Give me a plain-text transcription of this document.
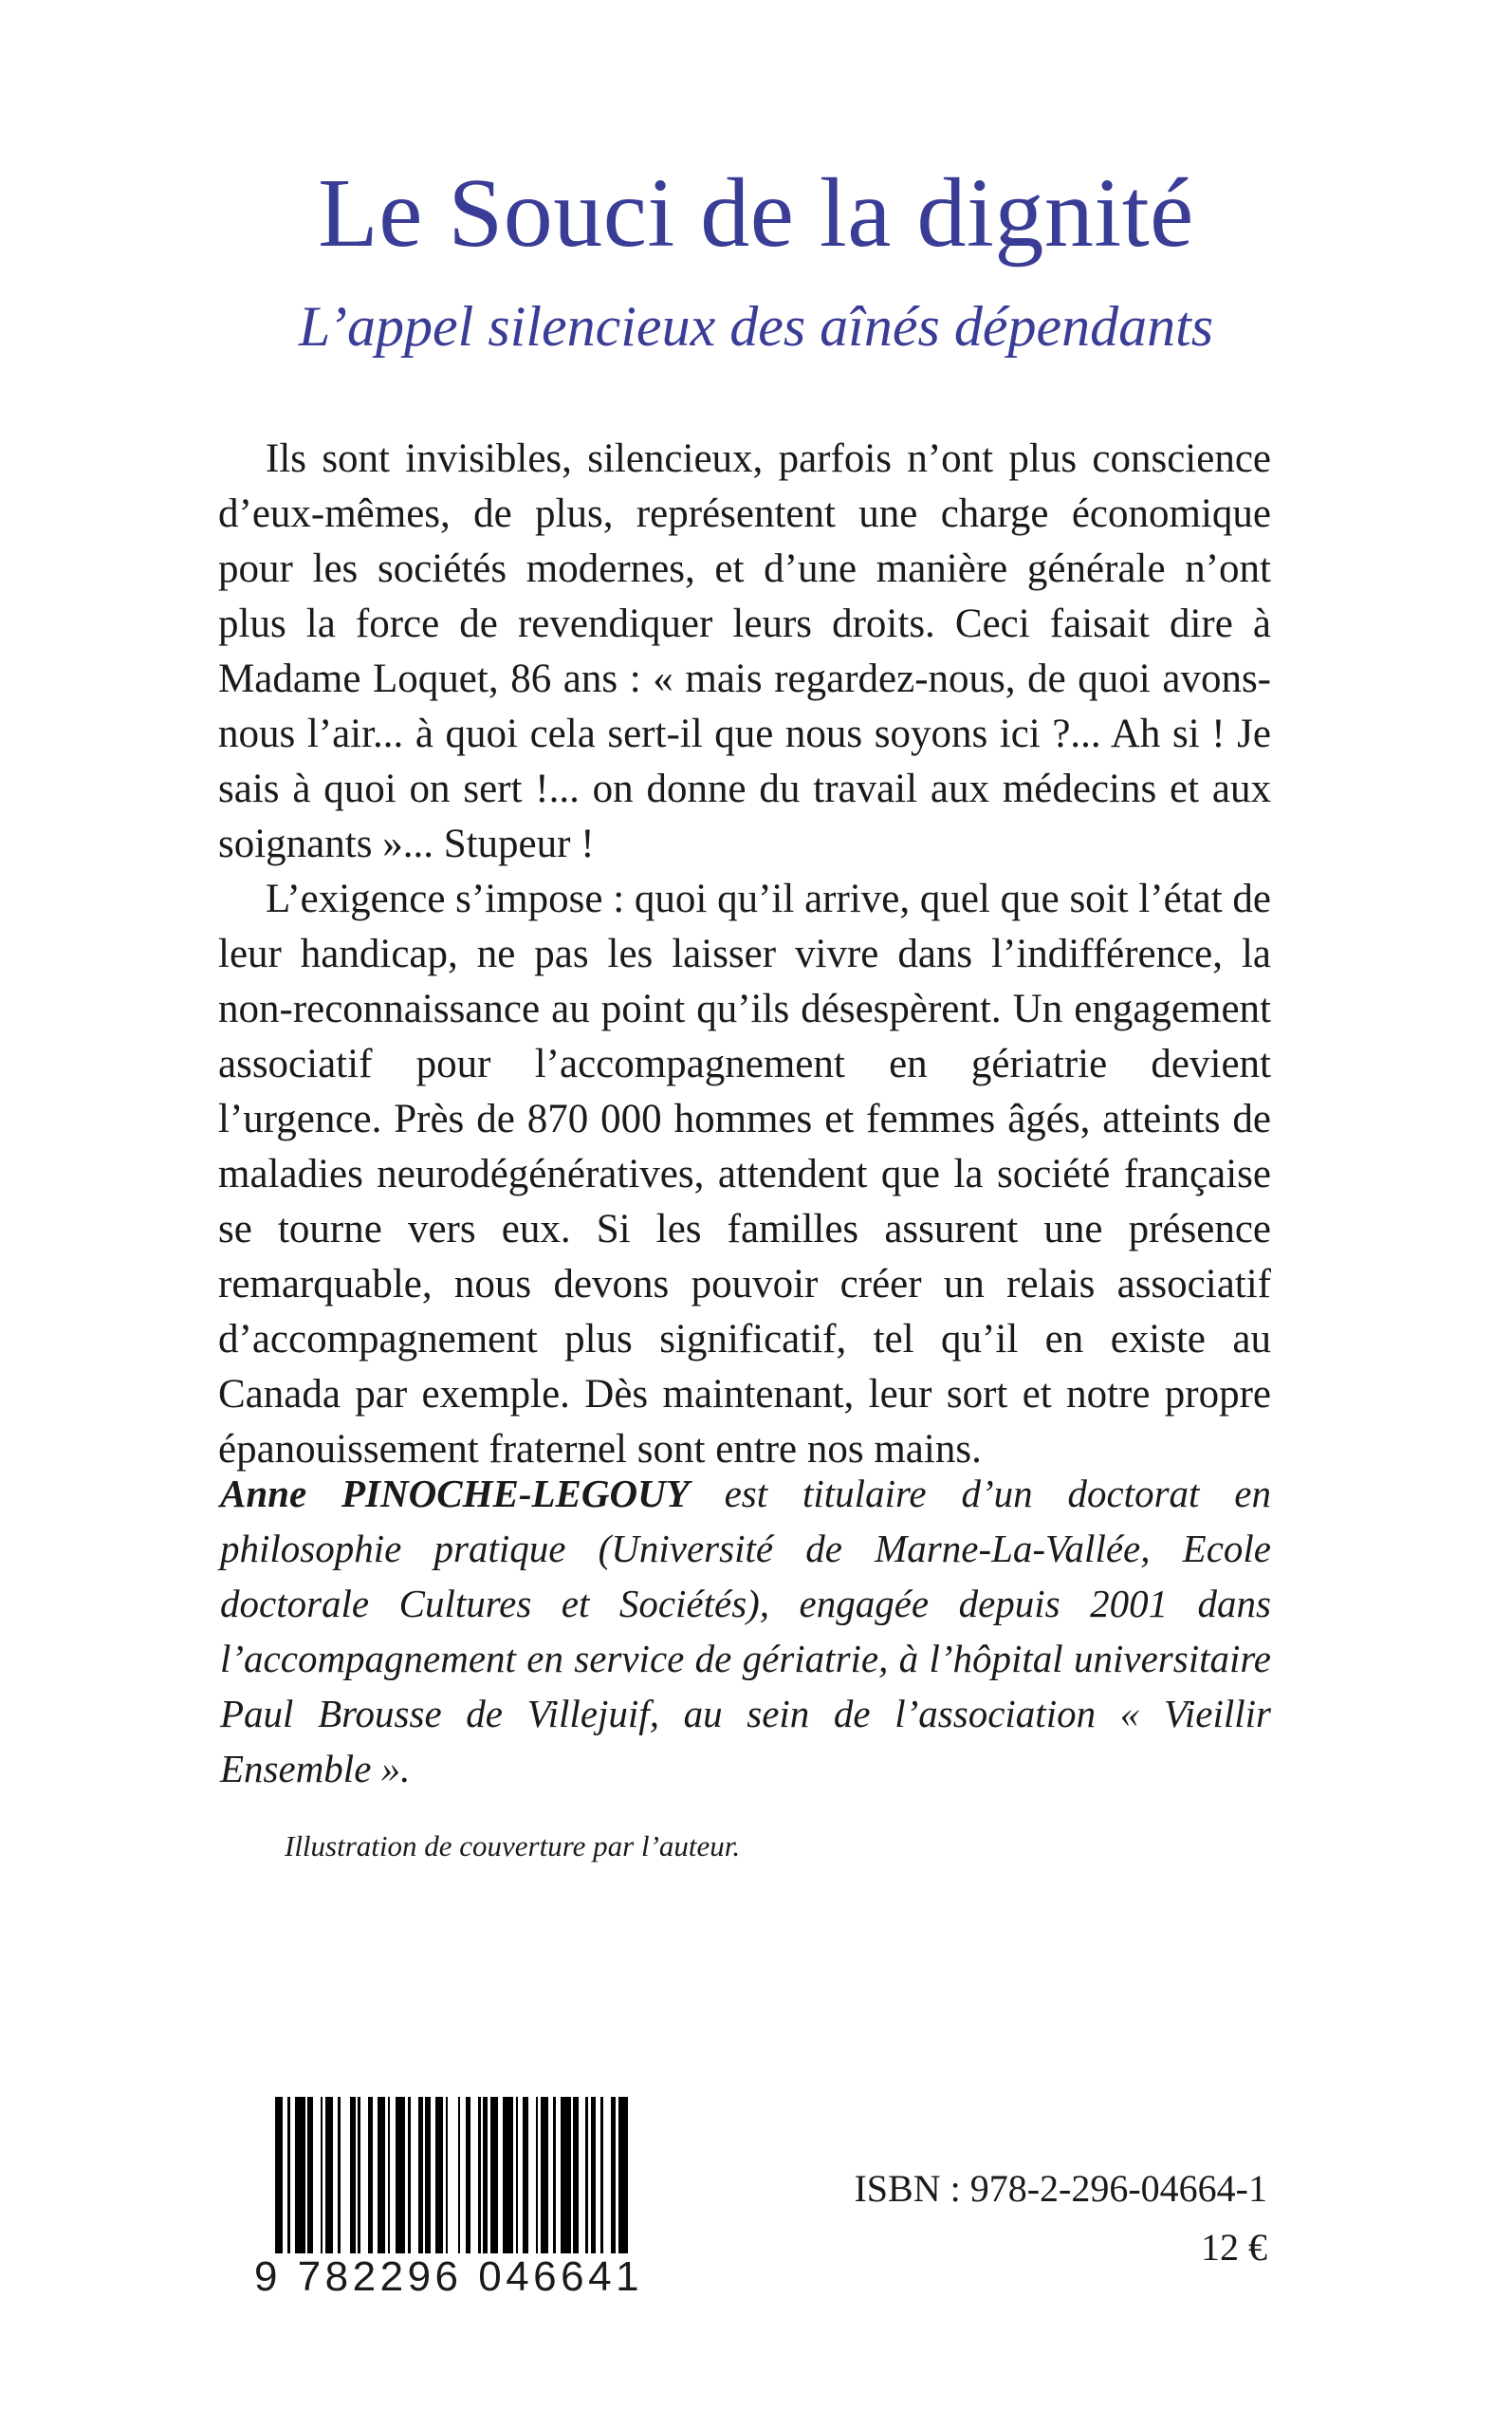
Le Souci de la dignité
L’appel silencieux des aînés dépendants

Ils sont invisibles, silencieux, parfois n’ont plus conscience d’eux-mêmes, de plus, représentent une charge économique pour les sociétés modernes, et d’une manière générale n’ont plus la force de revendiquer leurs droits. Ceci faisait dire à Madame Loquet, 86 ans : « mais regardez-nous, de quoi avons-nous l’air... à quoi cela sert-il que nous soyons ici ?... Ah si ! Je sais à quoi on sert !... on donne du travail aux médecins et aux soignants »... Stupeur !

L’exigence s’impose : quoi qu’il arrive, quel que soit l’état de leur handicap, ne pas les laisser vivre dans l’indifférence, la non-reconnaissance au point qu’ils désespèrent. Un engagement associatif pour l’accompagnement en gériatrie devient l’urgence. Près de 870 000 hommes et femmes âgés, atteints de maladies neurodégénératives, attendent que la société française se tourne vers eux. Si les familles assurent une présence remarquable, nous devons pouvoir créer un relais associatif d’accompagnement plus significatif, tel qu’il en existe au Canada par exemple. Dès maintenant, leur sort et notre propre épanouissement fraternel sont entre nos mains.

Anne PINOCHE-LEGOUY est titulaire d’un doctorat en philosophie pratique (Université de Marne-La-Vallée, Ecole doctorale Cultures et Sociétés), engagée depuis 2001 dans l’accompagnement en service de gériatrie, à l’hôpital universitaire Paul Brousse de Villejuif, au sein de l’association « Vieillir Ensemble ».
Illustration de couverture par l’auteur.
9 782296 046641
ISBN : 978-2-296-04664-1
12 €
